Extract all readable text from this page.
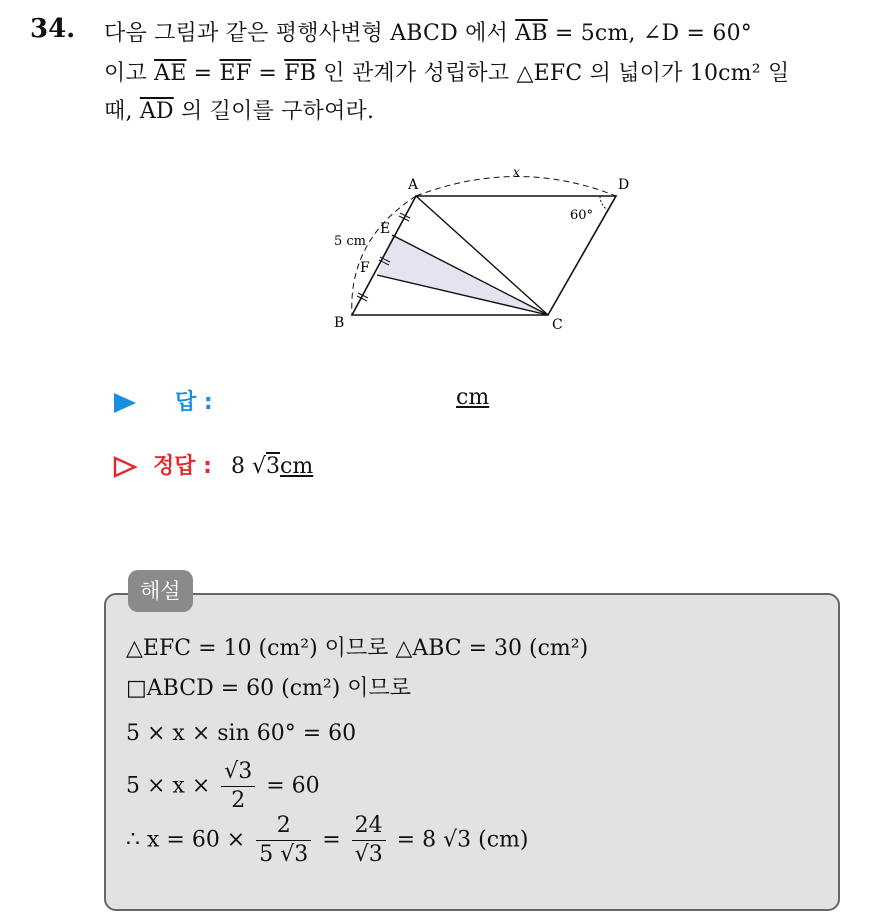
34. 다음 그림과 같은 평행사변형 ABCD 에서 $\overline{AB} = 5cm$, ∠D = 60°
이고 $\overline{AE} = \overline{EF} = \overline{FB}$ 인 관계가 성립하고 △EFC 의 넓이가 10cm² 일
때, $\overline{AD}$ 의 길이를 구하여라.
A	D
B	C
E
F
x
5 cm
60°
답 :	cm
정답 : 8 √3cm
해설
△EFC = 10 (cm²) 이므로 △ABC = 30 (cm²)
□ABCD = 60 (cm²) 이므로
5 × x × sin 60° = 60
$5 \times x \times \frac{√3}{2} = 60$
∴ $x = 60 \times \frac{2}{5 √3} = \frac{24}{√3} = 8$ √3 (cm)
